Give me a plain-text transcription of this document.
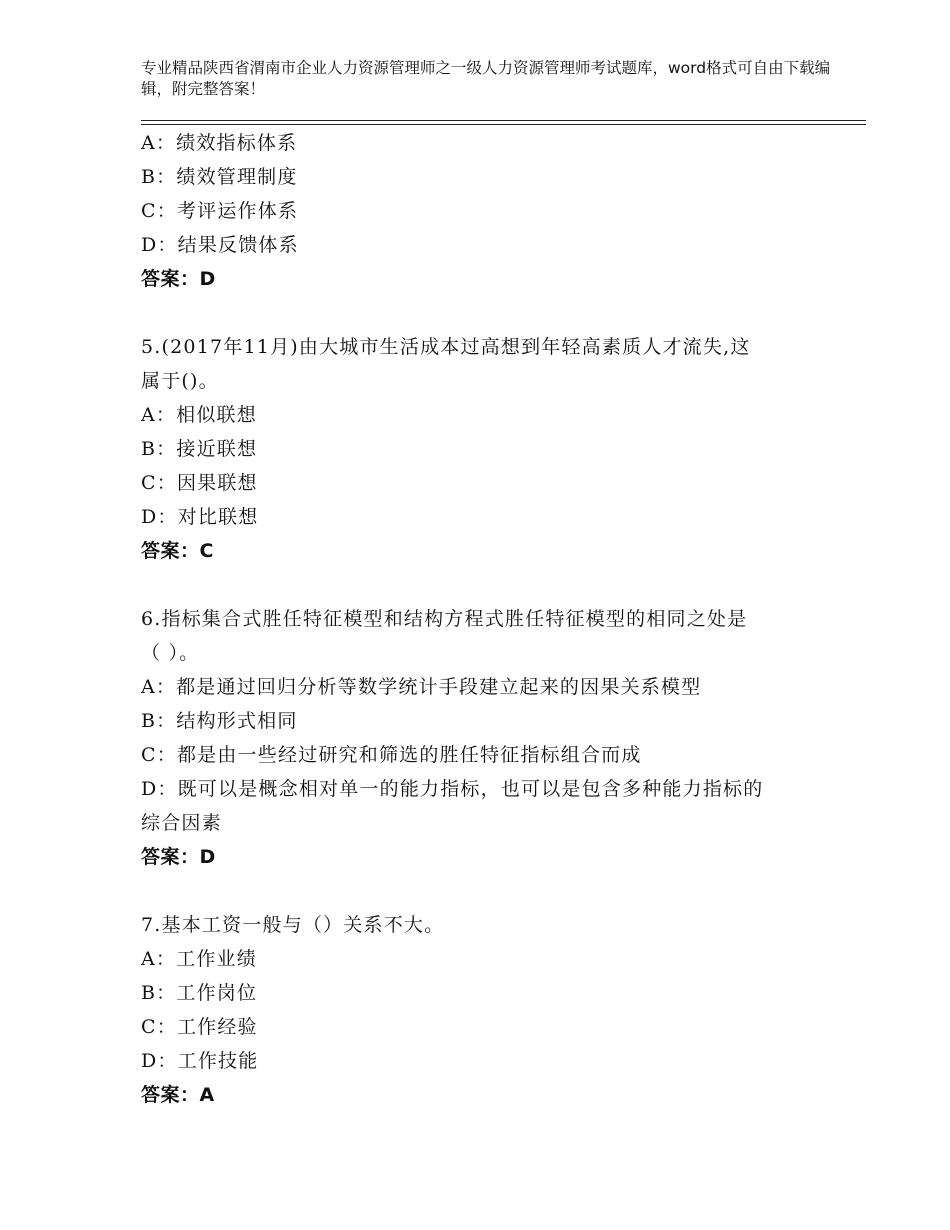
专业精品陕西省渭南市企业人力资源管理师之一级人力资源管理师考试题库，word格式可自由下载编辑，附完整答案！
A：绩效指标体系
B：绩效管理制度
C：考评运作体系
D：结果反馈体系
答案：D
5.(2017年11月)由大城市生活成本过高想到年轻高素质人才流失,这
属于()。
A：相似联想
B：接近联想
C：因果联想
D：对比联想
答案：C
6.指标集合式胜任特征模型和结构方程式胜任特征模型的相同之处是
（ ）。
A：都是通过回归分析等数学统计手段建立起来的因果关系模型
B：结构形式相同
C：都是由一些经过研究和筛选的胜任特征指标组合而成
D：既可以是概念相对单一的能力指标，也可以是包含多种能力指标的
综合因素
答案：D
7.基本工资一般与（）关系不大。
A：工作业绩
B：工作岗位
C：工作经验
D：工作技能
答案：A
